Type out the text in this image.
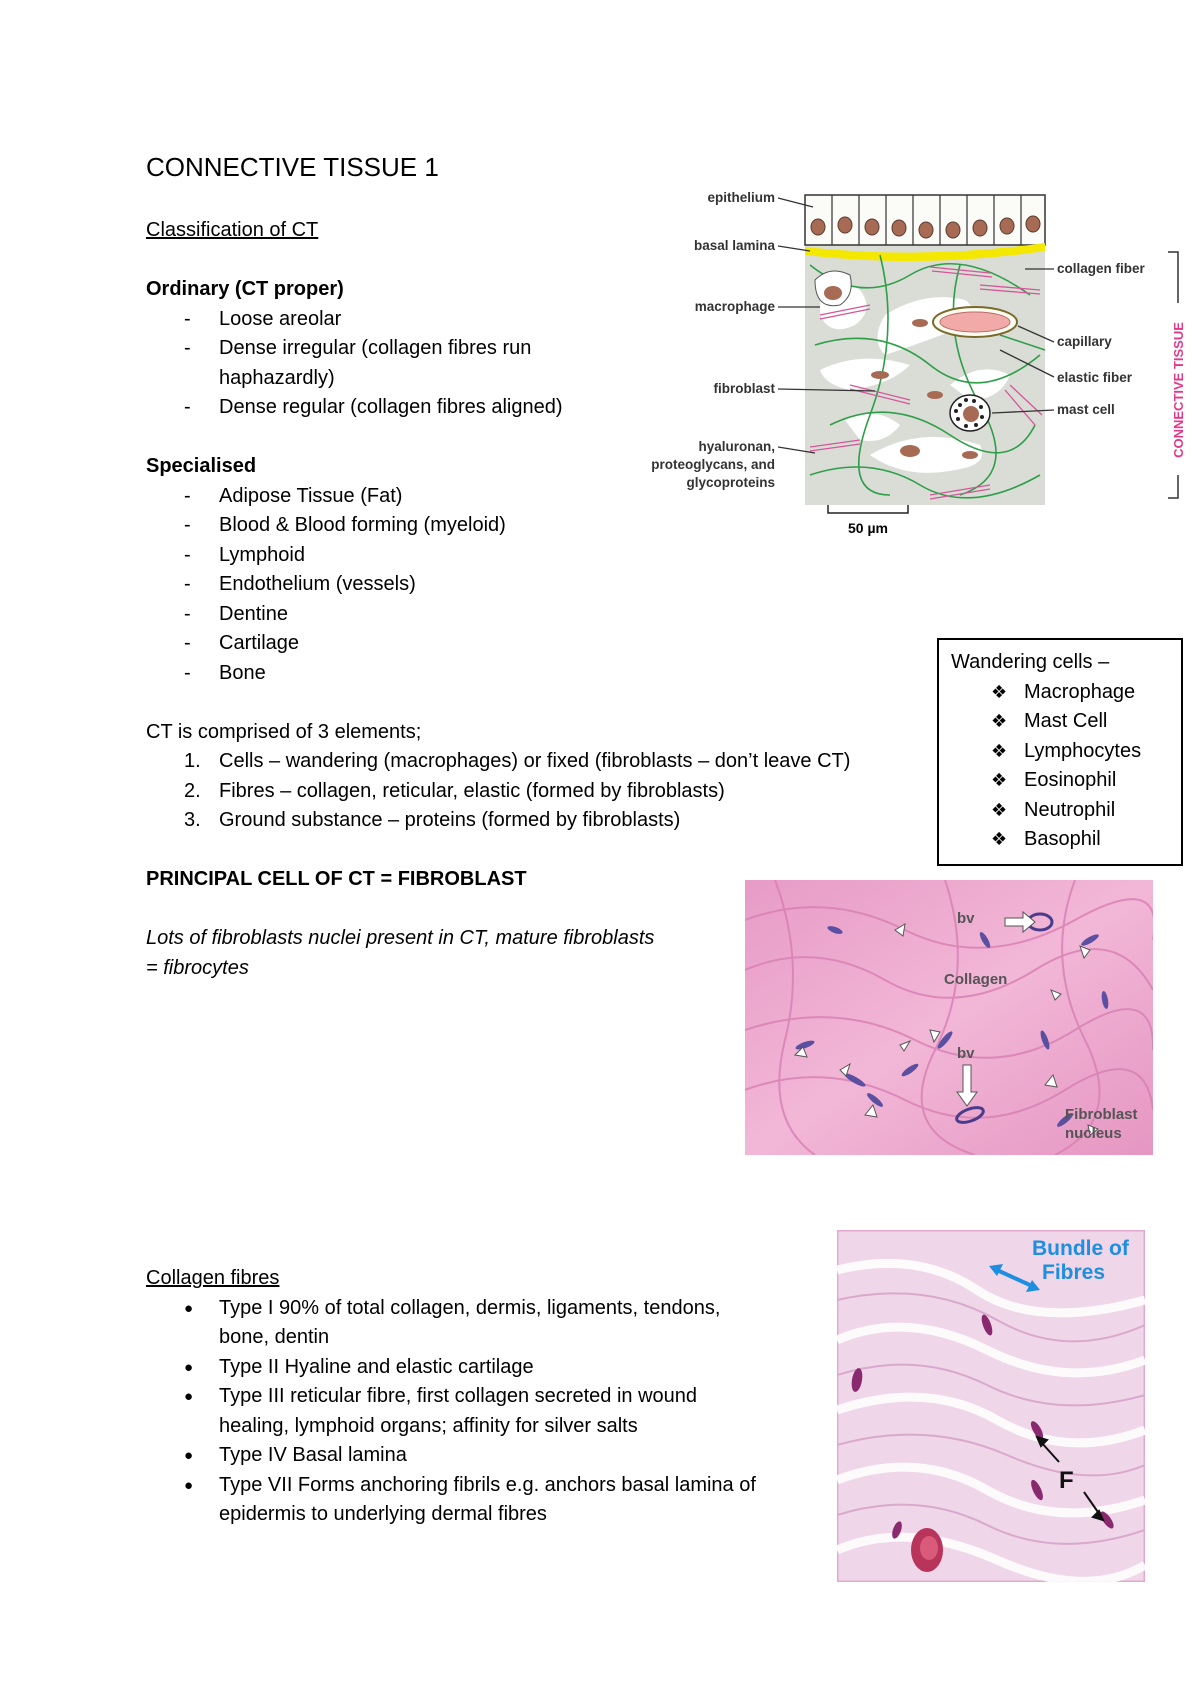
CONNECTIVE TISSUE 1
Classification of CT
Ordinary (CT proper)
- Loose areolar
- Dense irregular (collagen fibres run
haphazardly)
- Dense regular (collagen fibres aligned)
Specialised
- Adipose Tissue (Fat)
- Blood & Blood forming (myeloid)
- Lymphoid
- Endothelium (vessels)
- Dentine
- Cartilage
- Bone
CT is comprised of 3 elements;
1. Cells – wandering (macrophages) or fixed (fibroblasts – don’t leave CT)
2. Fibres – collagen, reticular, elastic (formed by fibroblasts)
3. Ground substance – proteins (formed by fibroblasts)
PRINCIPAL CELL OF CT = FIBROBLAST
Lots of fibroblasts nuclei present in CT, mature fibroblasts
= fibrocytes
Wandering cells –
❖ Macrophage
❖ Mast Cell
❖ Lymphocytes
❖ Eosinophil
❖ Neutrophil
❖ Basophil
Collagen fibres
● Type I 90% of total collagen, dermis, ligaments, tendons,
bone, dentin
● Type II Hyaline and elastic cartilage
● Type III reticular fibre, first collagen secreted in wound
healing, lymphoid organs; affinity for silver salts
● Type IV Basal lamina
● Type VII Forms anchoring fibrils e.g. anchors basal lamina of
epidermis to underlying dermal fibres
50 µm
epithelium
basal lamina
macrophage
fibroblast
hyaluronan,
proteoglycans, and
glycoproteins
collagen fiber
capillary
elastic fiber
mast cell	CONNECTIVE TISSUE
bv
Collagen
bv
Fibroblast
nucleus
Bundle of
Fibres
F
